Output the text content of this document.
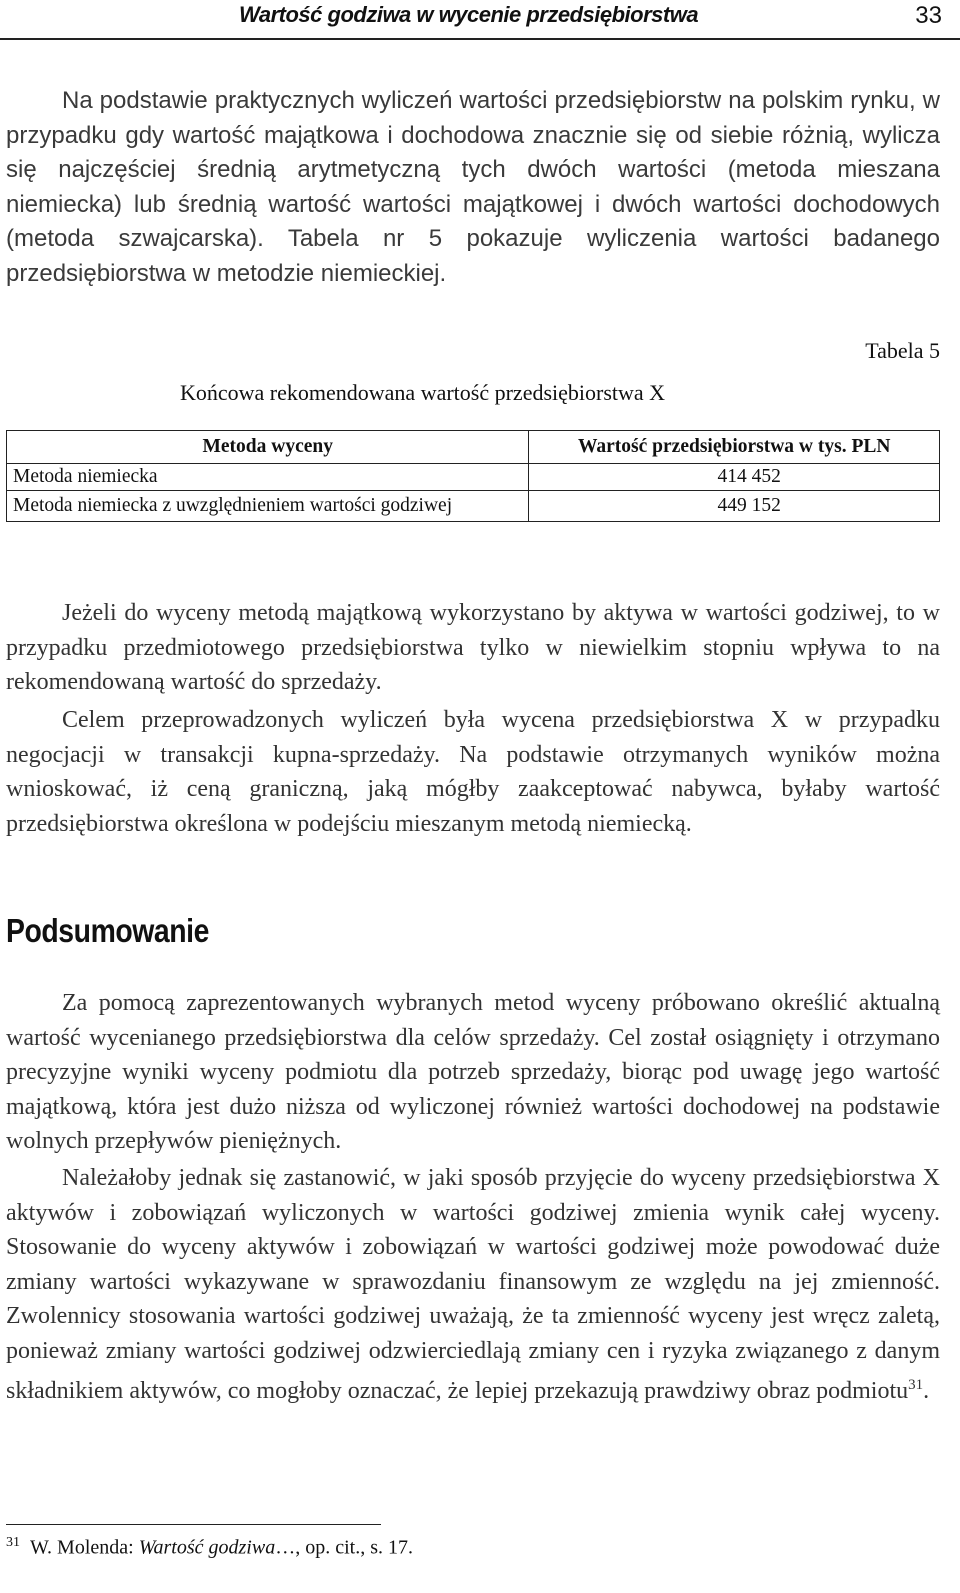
Wartość godziwa w wycenie przedsiębiorstwa	33

Na podstawie praktycznych wyliczeń wartości przedsiębiorstw na polskim rynku, w przypadku gdy wartość majątkowa i dochodowa znacznie się od siebie różnią, wylicza się najczęściej średnią arytmetyczną tych dwóch wartości (metoda mieszana niemiecka) lub średnią wartość wartości majątkowej i dwóch wartości dochodowych (metoda szwajcarska). Tabela nr 5 pokazuje wyliczenia wartości badanego przedsiębiorstwa w metodzie niemieckiej.

Tabela 5
Końcowa rekomendowana wartość przedsiębiorstwa X
Metoda wyceny	Wartość przedsiębiorstwa w tys. PLN
Metoda niemiecka	414 452
Metoda niemiecka z uwzględnieniem wartości godziwej	449 152

Jeżeli do wyceny metodą majątkową wykorzystano by aktywa w wartości godziwej, to w przypadku przedmiotowego przedsiębiorstwa tylko w niewielkim stopniu wpływa to na rekomendowaną wartość do sprzedaży.

Celem przeprowadzonych wyliczeń była wycena przedsiębiorstwa X w przypadku negocjacji w transakcji kupna-sprzedaży. Na podstawie otrzymanych wyników można wnioskować, iż ceną graniczną, jaką mógłby zaakceptować nabywca, byłaby wartość przedsiębiorstwa określona w podejściu mieszanym metodą niemiecką.

Podsumowanie

Za pomocą zaprezentowanych wybranych metod wyceny próbowano określić aktualną wartość wycenianego przedsiębiorstwa dla celów sprzedaży. Cel został osiągnięty i otrzymano precyzyjne wyniki wyceny podmiotu dla potrzeb sprzedaży, biorąc pod uwagę jego wartość majątkową, która jest dużo niższa od wyliczonej również wartości dochodowej na podstawie wolnych przepływów pieniężnych.

Należałoby jednak się zastanowić, w jaki sposób przyjęcie do wyceny przedsiębiorstwa X aktywów i zobowiązań wyliczonych w wartości godziwej zmienia wynik całej wyceny. Stosowanie do wyceny aktywów i zobowiązań w wartości godziwej może powodować duże zmiany wartości wykazywane w sprawozdaniu finansowym ze względu na jej zmienność. Zwolennicy stosowania wartości godziwej uważają, że ta zmienność wyceny jest wręcz zaletą, ponieważ zmiany wartości godziwej odzwierciedlają zmiany cen i ryzyka związanego z danym składnikiem aktywów, co mogłoby oznaczać, że lepiej przekazują prawdziwy obraz podmiotu$^{31}$.

$^{31}$ W. Molenda: Wartość godziwa…, op. cit., s. 17.
